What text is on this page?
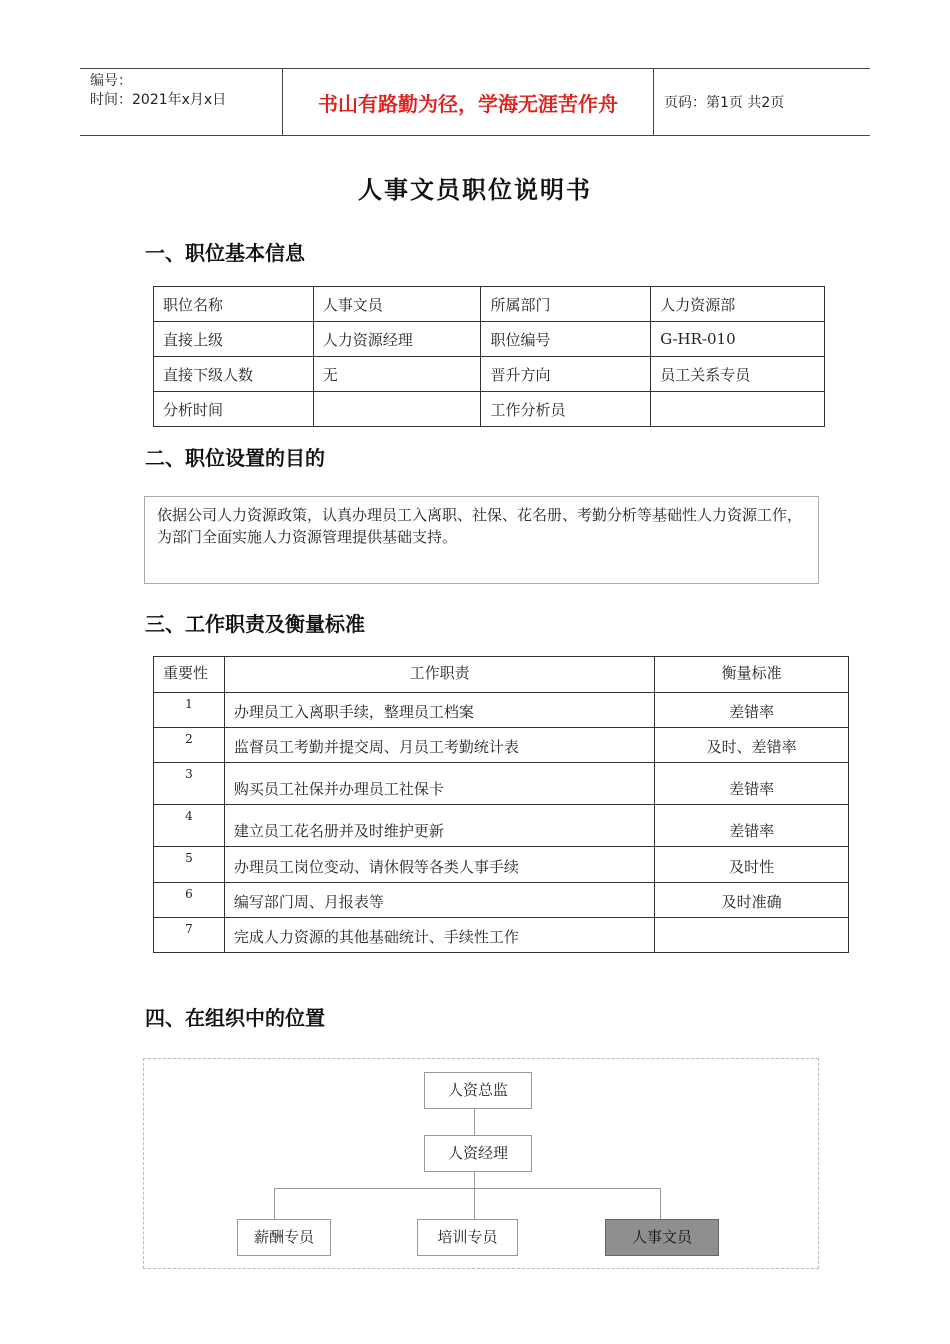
编号：
时间：2021年x月x日	书山有路勤为径，学海无涯苦作舟	页码：第1页 共2页
人事文员职位说明书
一、职位基本信息
职位名称	人事文员	所属部门	人力资源部
直接上级	人力资源经理	职位编号	G-HR-010
直接下级人数	无	晋升方向	员工关系专员
分析时间		工作分析员	
二、职位设置的目的
依据公司人力资源政策，认真办理员工入离职、社保、花名册、考勤分析等基础性人力资源工作，为部门全面实施人力资源管理提供基础支持。
三、工作职责及衡量标准
重要性	工作职责	衡量标准
1	办理员工入离职手续，整理员工档案	差错率
2	监督员工考勤并提交周、月员工考勤统计表	及时、差错率
3	购买员工社保并办理员工社保卡	差错率
4	建立员工花名册并及时维护更新	差错率
5	办理员工岗位变动、请休假等各类人事手续	及时性
6	编写部门周、月报表等	及时准确
7	完成人力资源的其他基础统计、手续性工作	
四、在组织中的位置
人资总监
人资经理
薪酬专员	培训专员	人事文员
